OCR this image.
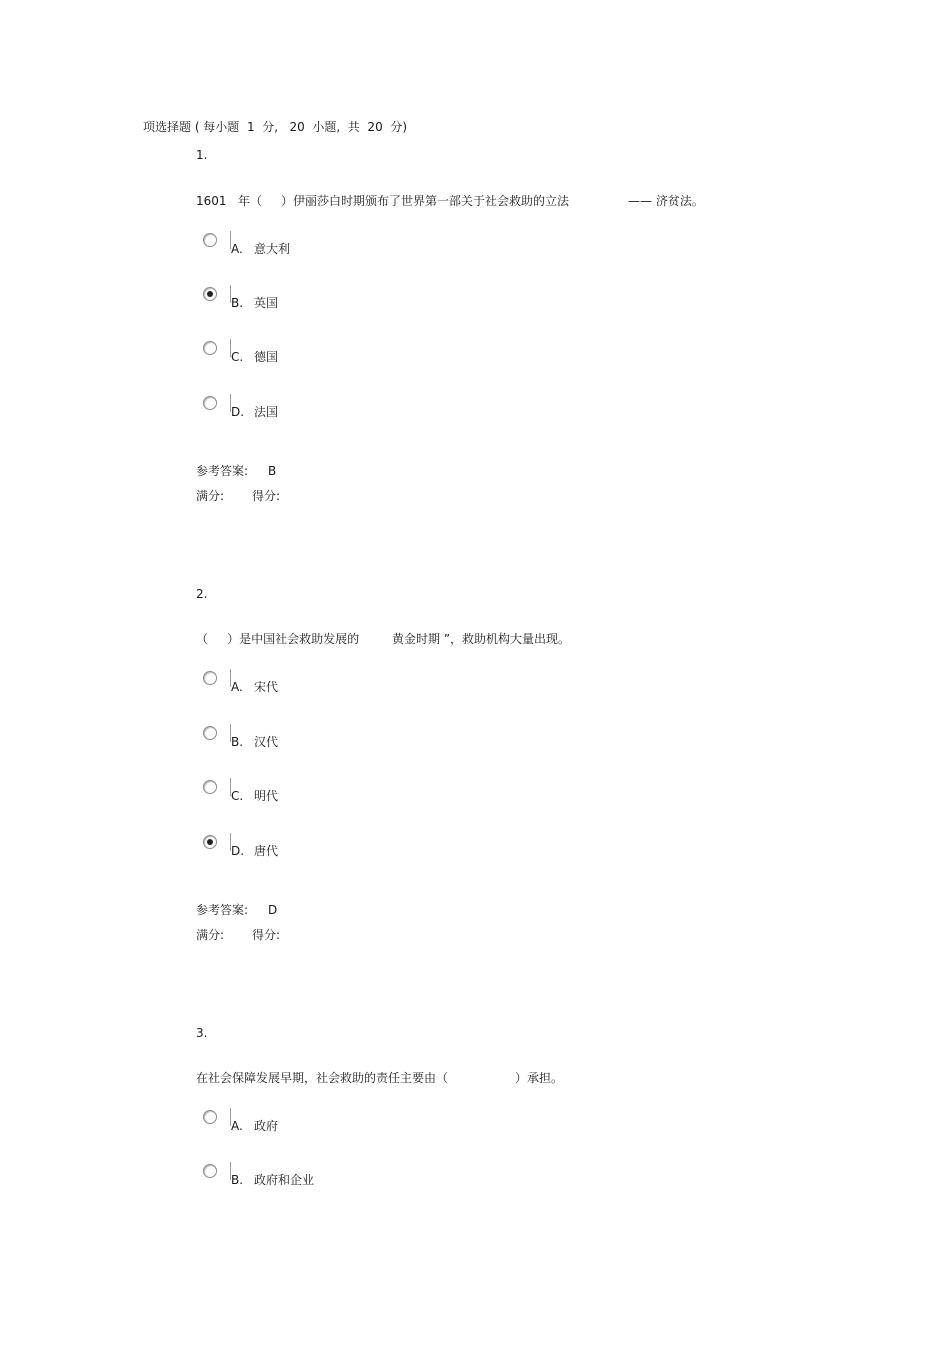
项选择题 ( 每小题  1  分,   20  小题,  共  20  分)
1.
1601   年（     ）伊丽莎白时期颁布了世界第一部关于社会救助的立法	—— 济贫法。
A. 意大利
B. 英国
C. 德国
D. 法国
参考答案: B
满分: 得分:
2.
（     ）是中国社会救助发展的	黄金时期 ”，救助机构大量出现。
A. 宋代
B. 汉代
C. 明代
D. 唐代
参考答案: D
满分: 得分:
3.
在社会保障发展早期，社会救助的责任主要由（	）承担。
A. 政府
B. 政府和企业
